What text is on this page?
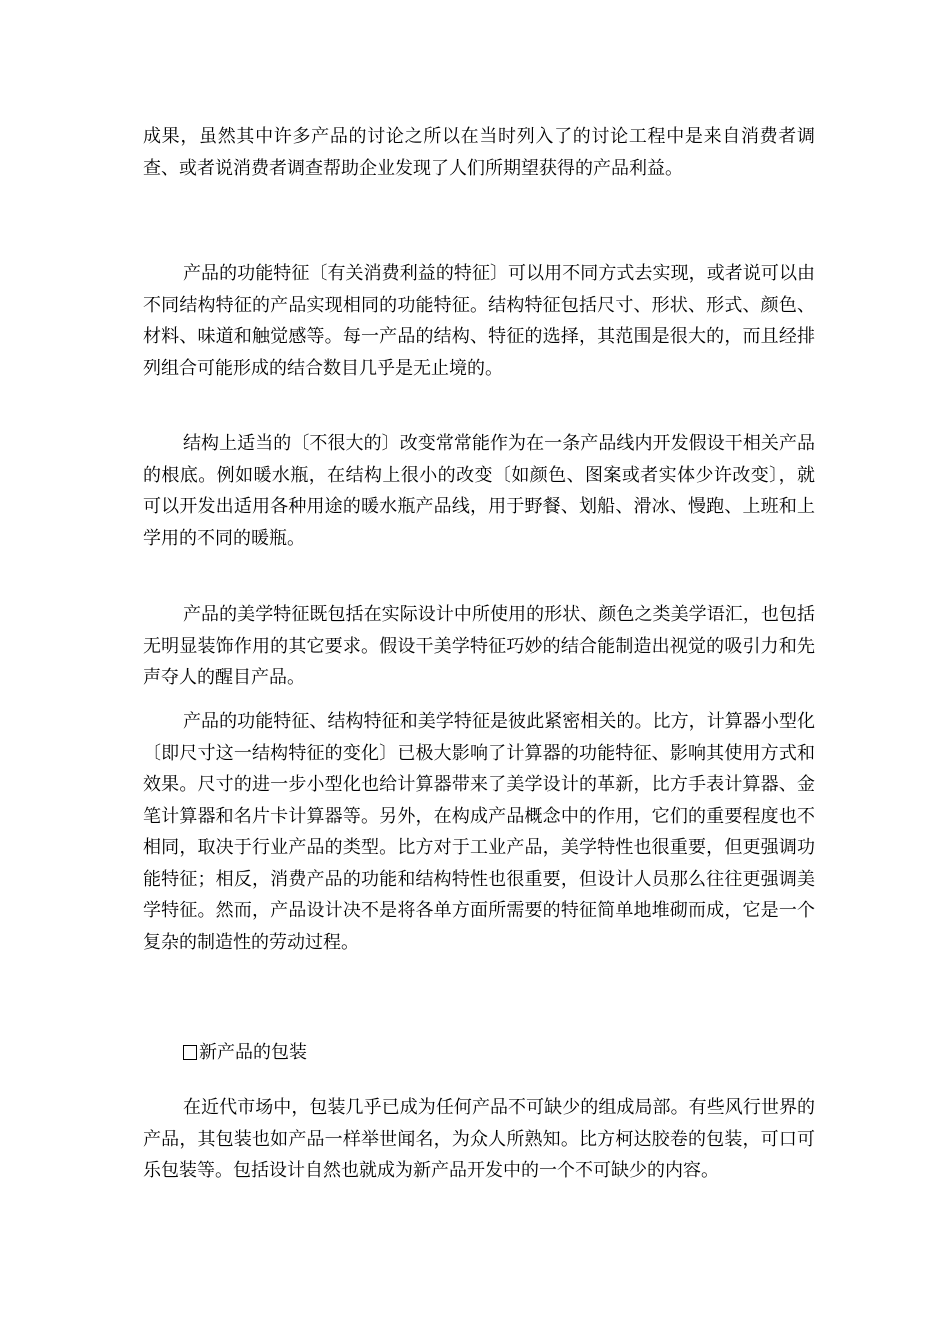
成果，虽然其中许多产品的讨论之所以在当时列入了的讨论工程中是来自消费者调查、或者说消费者调查帮助企业发现了人们所期望获得的产品利益。

产品的功能特征〔有关消费利益的特征〕可以用不同方式去实现，或者说可以由不同结构特征的产品实现相同的功能特征。结构特征包括尺寸、形状、形式、颜色、材料、味道和触觉感等。每一产品的结构、特征的选择，其范围是很大的，而且经排列组合可能形成的结合数目几乎是无止境的。

结构上适当的〔不很大的〕改变常常能作为在一条产品线内开发假设干相关产品的根底。例如暖水瓶，在结构上很小的改变〔如颜色、图案或者实体少许改变〕，就可以开发出适用各种用途的暖水瓶产品线，用于野餐、划船、滑冰、慢跑、上班和上学用的不同的暖瓶。

产品的美学特征既包括在实际设计中所使用的形状、颜色之类美学语汇，也包括无明显装饰作用的其它要求。假设干美学特征巧妙的结合能制造出视觉的吸引力和先声夺人的醒目产品。

产品的功能特征、结构特征和美学特征是彼此紧密相关的。比方，计算器小型化〔即尺寸这一结构特征的变化〕已极大影响了计算器的功能特征、影响其使用方式和效果。尺寸的进一步小型化也给计算器带来了美学设计的革新，比方手表计算器、金笔计算器和名片卡计算器等。另外，在构成产品概念中的作用，它们的重要程度也不相同，取决于行业产品的类型。比方对于工业产品，美学特性也很重要，但更强调功能特征；相反，消费产品的功能和结构特性也很重要，但设计人员那么往往更强调美学特征。然而，产品设计决不是将各单方面所需要的特征简单地堆砌而成，它是一个复杂的制造性的劳动过程。

新产品的包装

在近代市场中，包装几乎已成为任何产品不可缺少的组成局部。有些风行世界的产品，其包装也如产品一样举世闻名，为众人所熟知。比方柯达胶卷的包装，可口可乐包装等。包括设计自然也就成为新产品开发中的一个不可缺少的内容。
